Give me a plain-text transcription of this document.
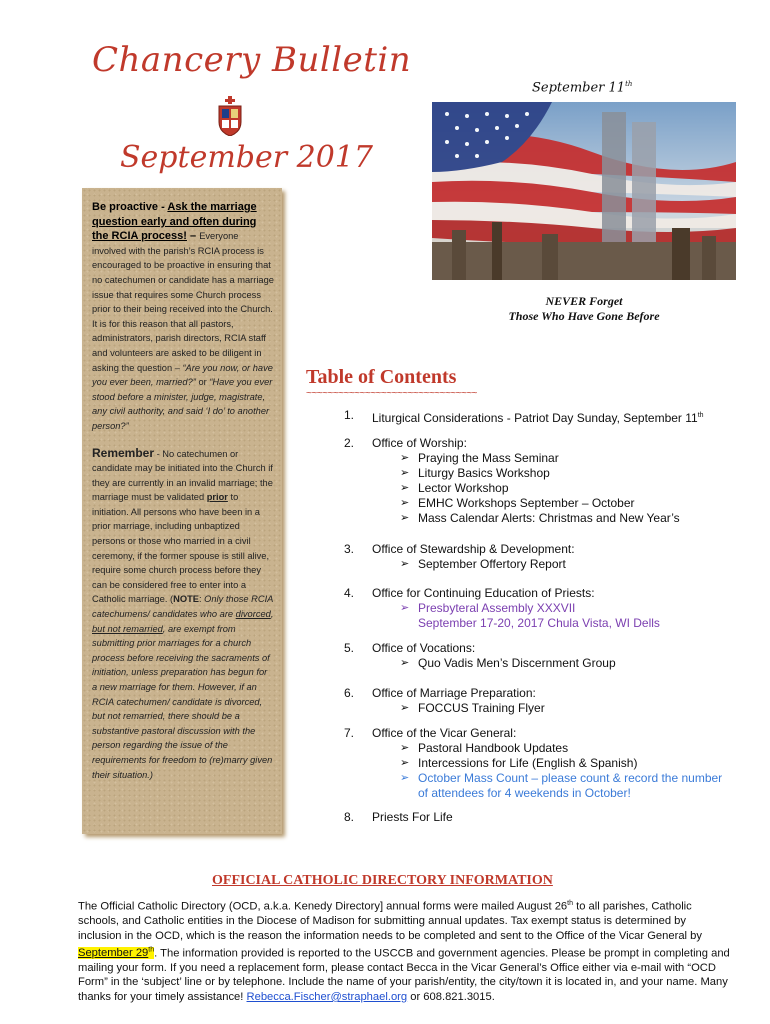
Chancery Bulletin
September 2017
September 11th
NEVER Forget
Those Who Have Gone Before

Be proactive - Ask the marriage question early and often during the RCIA process! – Everyone involved with the parish’s RCIA process is encouraged to be proactive in ensuring that no catechumen or candidate has a marriage issue that requires some Church process prior to their being received into the Church. It is for this reason that all pastors, administrators, parish directors, RCIA staff and volunteers are asked to be diligent in asking the question – “Are you now, or have you ever been, married?” or “Have you ever stood before a minister, judge, magistrate, any civil authority, and said ‘I do’ to another person?”

Remember - No catechumen or candidate may be initiated into the Church if they are currently in an invalid marriage; the marriage must be validated prior to initiation. All persons who have been in a prior marriage, including unbaptized persons or those who married in a civil ceremony, if the former spouse is still alive, require some church process before they can be considered free to enter into a Catholic marriage. (NOTE: Only those RCIA catechumens/ candidates who are divorced, but not remarried, are exempt from submitting prior marriages for a church process before receiving the sacraments of initiation, unless preparation has begun for a new marriage for them. However, if an RCIA catechumen/ candidate is divorced, but not remarried, there should be a substantive pastoral discussion with the person regarding the issue of the requirements for freedom to (re)marry given their situation.)

Table of Contents
~~~~~~~~~~~~~~~~~~~~~~~~~~~~~~~~
1. Liturgical Considerations - Patriot Day Sunday, September 11th
2. Office of Worship:
➢ Praying the Mass Seminar
➢ Liturgy Basics Workshop
➢ Lector Workshop
➢ EMHC Workshops September – October
➢ Mass Calendar Alerts: Christmas and New Year’s
3. Office of Stewardship & Development:
➢ September Offertory Report
4. Office for Continuing Education of Priests:
➢ Presbyteral Assembly XXXVII
September 17-20, 2017 Chula Vista, WI Dells
5. Office of Vocations:
➢ Quo Vadis Men’s Discernment Group
6. Office of Marriage Preparation:
➢ FOCCUS Training Flyer
7. Office of the Vicar General:
➢ Pastoral Handbook Updates
➢ Intercessions for Life (English & Spanish)
➢ October Mass Count – please count & record the number of attendees for 4 weekends in October!
8. Priests For Life
OFFICIAL CATHOLIC DIRECTORY INFORMATION
The Official Catholic Directory (OCD, a.k.a. Kenedy Directory] annual forms were mailed August 26th to all parishes, Catholic schools, and Catholic entities in the Diocese of Madison for submitting annual updates. Tax exempt status is determined by inclusion in the OCD, which is the reason the information needs to be completed and sent to the Office of the Vicar General by September 29th. The information provided is reported to the USCCB and government agencies. Please be prompt in completing and mailing your form. If you need a replacement form, please contact Becca in the Vicar General’s Office either via e-mail with “OCD Form” in the ‘subject’ line or by telephone. Include the name of your parish/entity, the city/town it is located in, and your name. Many thanks for your timely assistance! Rebecca.Fischer@straphael.org or 608.821.3015.
